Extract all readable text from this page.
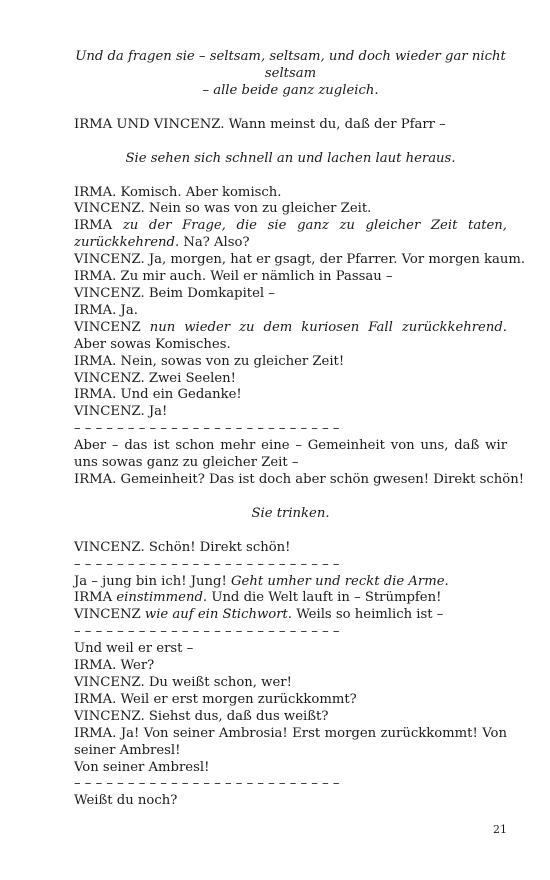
Und da fragen sie – seltsam, seltsam, und doch wieder gar nicht seltsam
– alle beide ganz zugleich.
IRMA UND VINCENZ. Wann meinst du, daß der Pfarr –
Sie sehen sich schnell an und lachen laut heraus.
IRMA. Komisch. Aber komisch.
VINCENZ. Nein so was von zu gleicher Zeit.
IRMA zu der Frage, die sie ganz zu gleicher Zeit taten, zurückkehrend. Na? Also?
VINCENZ. Ja, morgen, hat er gsagt, der Pfarrer. Vor morgen kaum.
IRMA. Zu mir auch. Weil er nämlich in Passau –
VINCENZ. Beim Domkapitel –
IRMA. Ja.
VINCENZ nun wieder zu dem kuriosen Fall zurückkehrend. Aber sowas Komisches.
IRMA. Nein, sowas von zu gleicher Zeit!
VINCENZ. Zwei Seelen!
IRMA. Und ein Gedanke!
VINCENZ. Ja!
– – – – – – – – – – – – – – – – – – – – – – – – –
Aber – das ist schon mehr eine – Gemeinheit von uns, daß wir uns sowas ganz zu gleicher Zeit –
IRMA. Gemeinheit? Das ist doch aber schön gwesen! Direkt schön!
Sie trinken.
VINCENZ. Schön! Direkt schön!
– – – – – – – – – – – – – – – – – – – – – – – – –
Ja – jung bin ich! Jung! Geht umher und reckt die Arme.
IRMA einstimmend. Und die Welt lauft in – Strümpfen!
VINCENZ wie auf ein Stichwort. Weils so heimlich ist –
– – – – – – – – – – – – – – – – – – – – – – – – –
Und weil er erst –
IRMA. Wer?
VINCENZ. Du weißt schon, wer!
IRMA. Weil er erst morgen zurückkommt?
VINCENZ. Siehst dus, daß dus weißt?
IRMA. Ja! Von seiner Ambrosia! Erst morgen zurückkommt! Von seiner Ambresl!
Von seiner Ambresl!
– – – – – – – – – – – – – – – – – – – – – – – – –
Weißt du noch?
21
